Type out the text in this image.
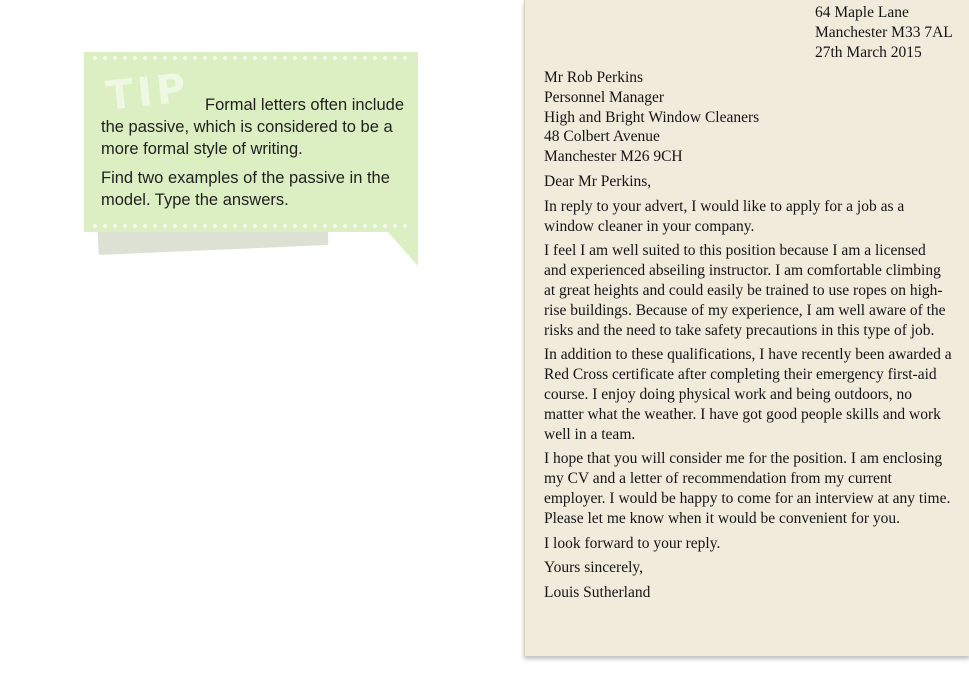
TIP Formal letters often include the passive, which is considered to be a more formal style of writing.

Find two examples of the passive in the model. Type the answers.

64 Maple Lane
Manchester M33 7AL
27th March 2015
Mr Rob Perkins
Personnel Manager
High and Bright Window Cleaners
48 Colbert Avenue
Manchester M26 9CH

Dear Mr Perkins,

In reply to your advert, I would like to apply for a job as a window cleaner in your company.

I feel I am well suited to this position because I am a licensed and experienced abseiling instructor. I am comfortable climbing at great heights and could easily be trained to use ropes on high-rise buildings. Because of my experience, I am well aware of the risks and the need to take safety precautions in this type of job.

In addition to these qualifications, I have recently been awarded a Red Cross certificate after completing their emergency first-aid course. I enjoy doing physical work and being outdoors, no matter what the weather. I have got good people skills and work well in a team.

I hope that you will consider me for the position. I am enclosing my CV and a letter of recommendation from my current employer. I would be happy to come for an interview at any time. Please let me know when it would be convenient for you.

I look forward to your reply.

Yours sincerely,

Louis Sutherland
